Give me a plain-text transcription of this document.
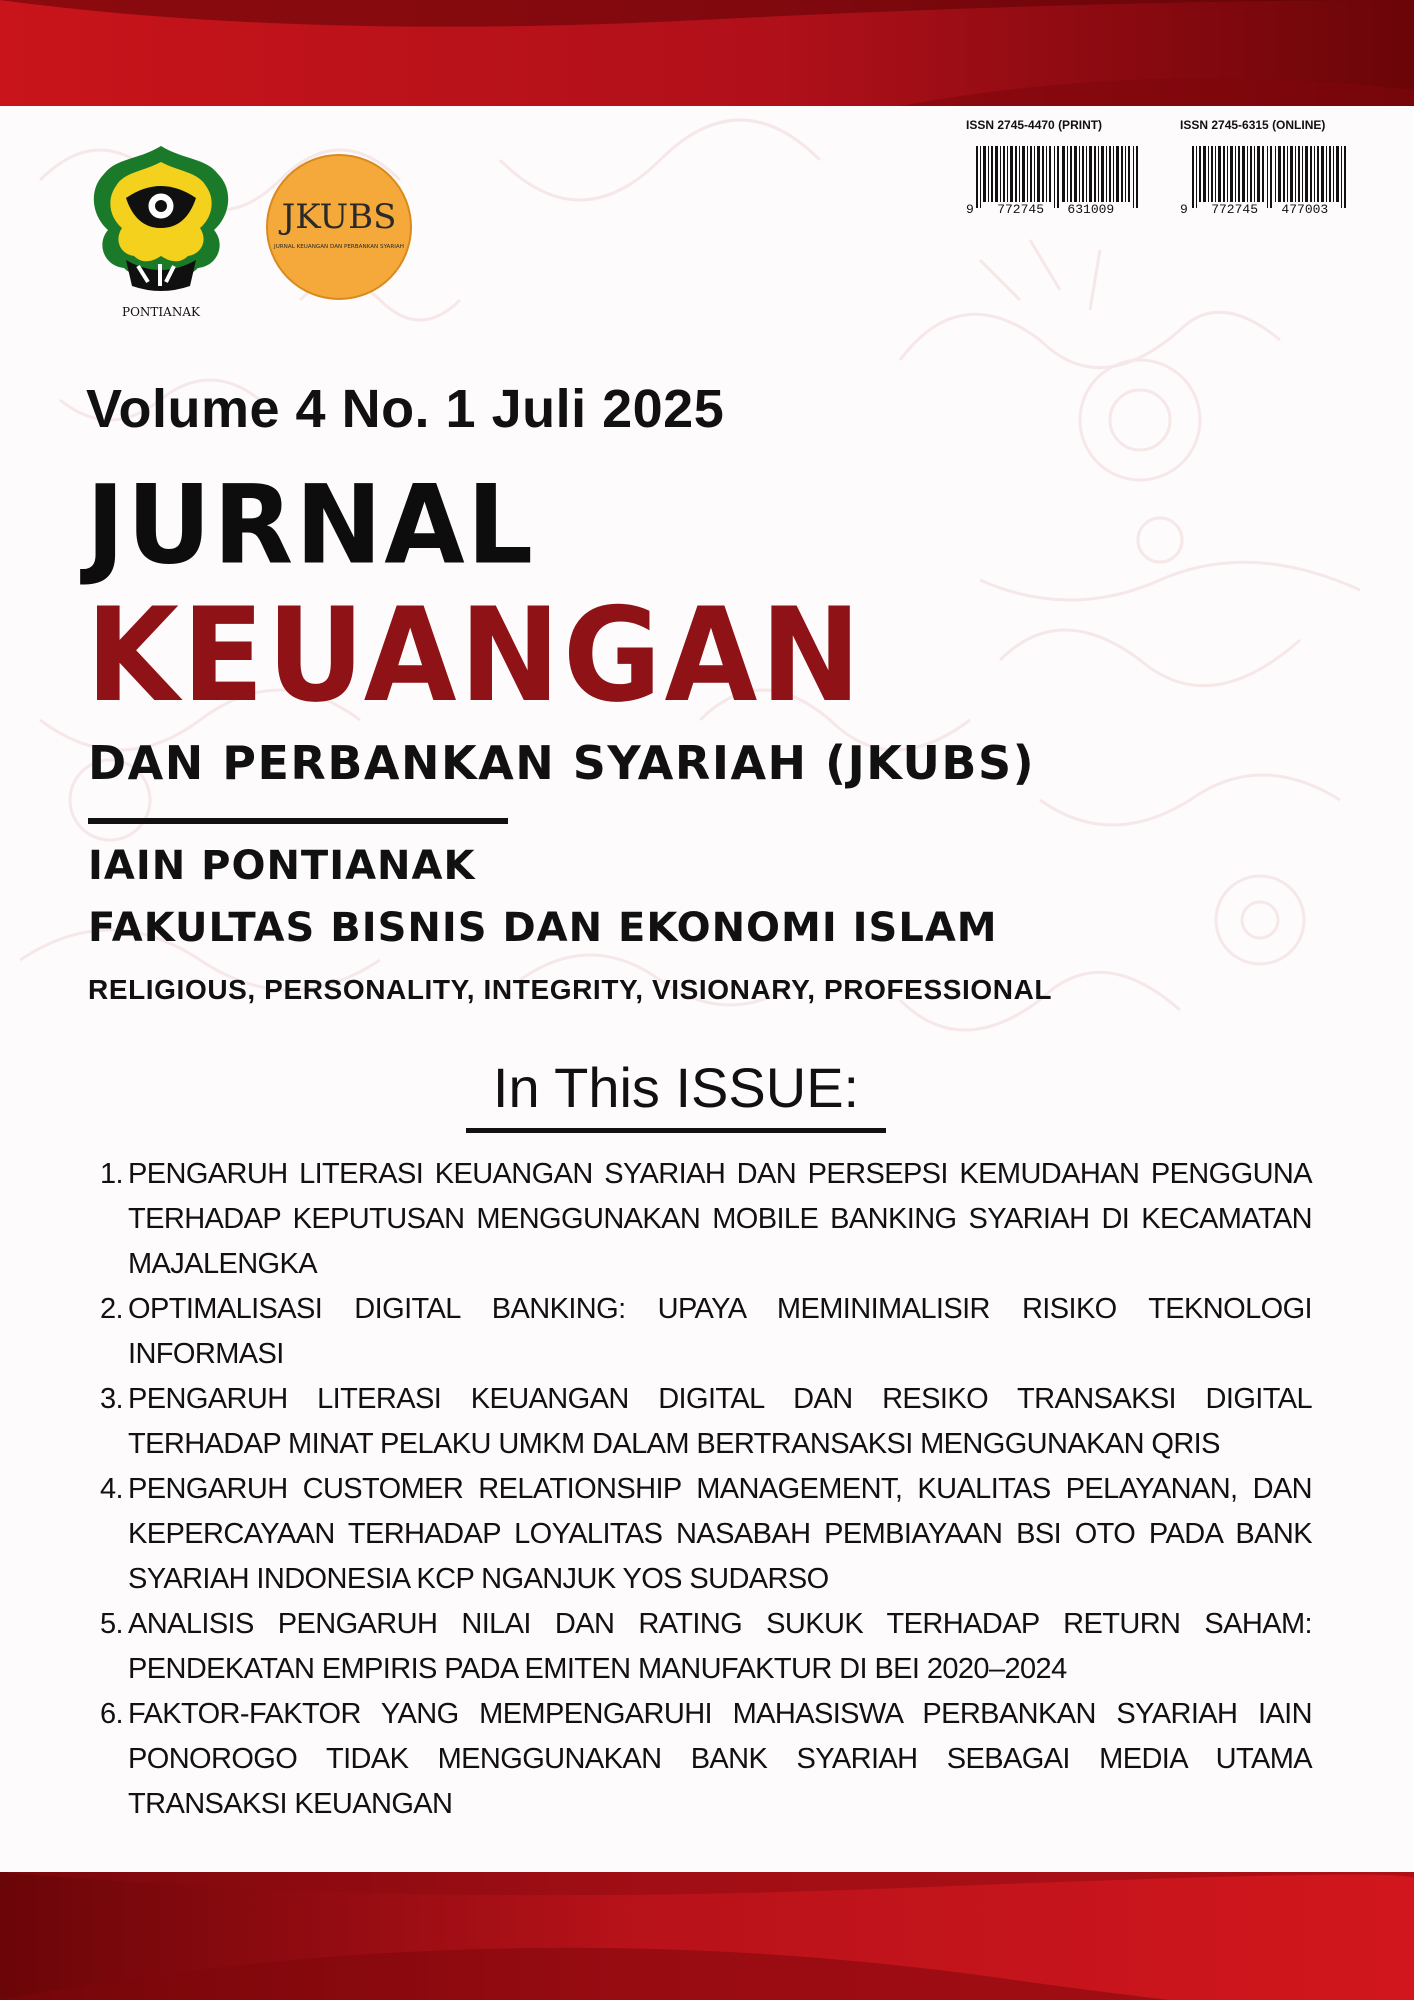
PONTIANAK
JKUBS
JURNAL KEUANGAN DAN PERBANKAN SYARIAH
ISSN 2745-4470 (PRINT)	ISSN 2745-6315 (ONLINE)
9   772745   631009	9   772745   477003
Volume 4 No. 1 Juli 2025
JURNAL
KEUANGAN
DAN PERBANKAN SYARIAH (JKUBS)
IAIN PONTIANAK
FAKULTAS BISNIS DAN EKONOMI ISLAM
RELIGIOUS, PERSONALITY, INTEGRITY, VISIONARY, PROFESSIONAL
In This ISSUE:
1. PENGARUH LITERASI KEUANGAN SYARIAH DAN PERSEPSI KEMUDAHAN PENGGUNA TERHADAP KEPUTUSAN MENGGUNAKAN MOBILE BANKING SYARIAH DI KECAMATAN MAJALENGKA
2. OPTIMALISASI DIGITAL BANKING: UPAYA MEMINIMALISIR RISIKO TEKNOLOGI INFORMASI
3. PENGARUH LITERASI KEUANGAN DIGITAL DAN RESIKO TRANSAKSI DIGITAL TERHADAP MINAT PELAKU UMKM DALAM BERTRANSAKSI MENGGUNAKAN QRIS
4. PENGARUH CUSTOMER RELATIONSHIP MANAGEMENT, KUALITAS PELAYANAN, DAN KEPERCAYAAN TERHADAP LOYALITAS NASABAH PEMBIAYAAN BSI OTO PADA BANK SYARIAH INDONESIA KCP NGANJUK YOS SUDARSO
5. ANALISIS PENGARUH NILAI DAN RATING SUKUK TERHADAP RETURN SAHAM: PENDEKATAN EMPIRIS PADA EMITEN MANUFAKTUR DI BEI 2020–2024
6. FAKTOR-FAKTOR YANG MEMPENGARUHI MAHASISWA PERBANKAN SYARIAH IAIN PONOROGO TIDAK MENGGUNAKAN BANK SYARIAH SEBAGAI MEDIA UTAMA TRANSAKSI KEUANGAN
